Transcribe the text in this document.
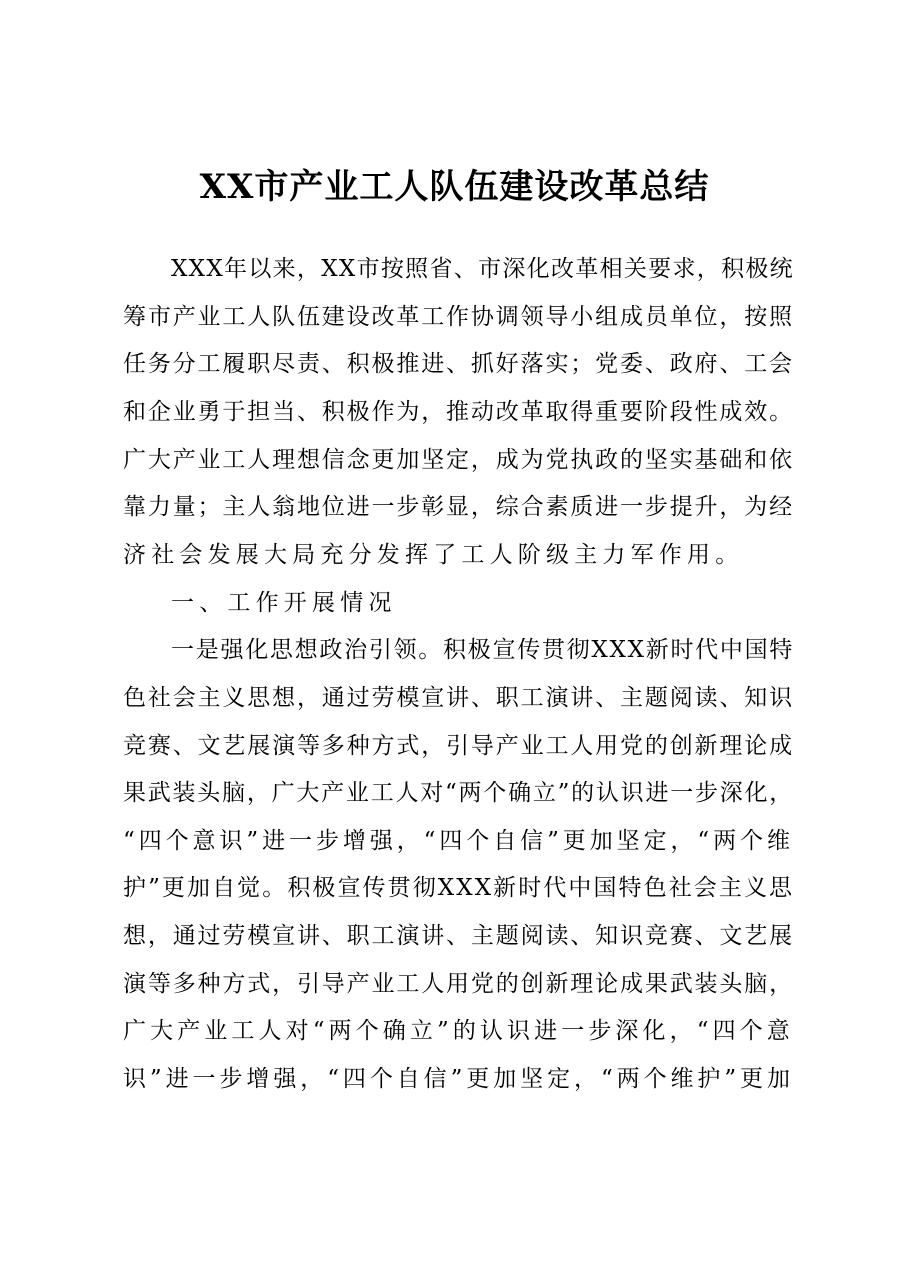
XX市产业工人队伍建设改革总结

XXX年以来，XX市按照省、市深化改革相关要求，积极统

筹市产业工人队伍建设改革工作协调领导小组成员单位，按照

任务分工履职尽责、积极推进、抓好落实；党委、政府、工会

和企业勇于担当、积极作为，推动改革取得重要阶段性成效。

广大产业工人理想信念更加坚定，成为党执政的坚实基础和依

靠力量；主人翁地位进一步彰显，综合素质进一步提升，为经

济社会发展大局充分发挥了工人阶级主力军作用。

一、工作开展情况

一是强化思想政治引领。积极宣传贯彻XXX新时代中国特

色社会主义思想，通过劳模宣讲、职工演讲、主题阅读、知识

竞赛、文艺展演等多种方式，引导产业工人用党的创新理论成

果武装头脑，广大产业工人对“两个确立”的认识进一步深化，

“四个意识”进一步增强，“四个自信”更加坚定，“两个维

护”更加自觉。积极宣传贯彻XXX新时代中国特色社会主义思

想，通过劳模宣讲、职工演讲、主题阅读、知识竞赛、文艺展

演等多种方式，引导产业工人用党的创新理论成果武装头脑，

广大产业工人对“两个确立”的认识进一步深化，“四个意

识”进一步增强，“四个自信”更加坚定，“两个维护”更加
